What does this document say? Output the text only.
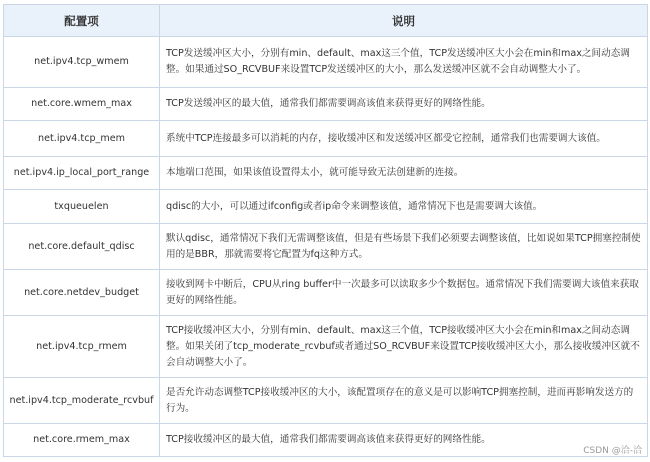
配置项	说明
net.ipv4.tcp_wmem	TCP发送缓冲区大小，分别有min、default、max这三个值，TCP发送缓冲区大小会在min和max之间动态调整。如果通过SO_RCVBUF来设置TCP发送缓冲区的大小，那么发送缓冲区就不会自动调整大小了。
net.core.wmem_max	TCP发送缓冲区的最大值，通常我们都需要调高该值来获得更好的网络性能。
net.ipv4.tcp_mem	系统中TCP连接最多可以消耗的内存，接收缓冲区和发送缓冲区都受它控制，通常我们也需要调大该值。
net.ipv4.ip_local_port_range	本地端口范围，如果该值设置得太小，就可能导致无法创建新的连接。
txqueuelen	qdisc的大小，可以通过ifconfig或者ip命令来调整该值，通常情况下也是需要调大该值。
net.core.default_qdisc	默认qdisc，通常情况下我们无需调整该值，但是有些场景下我们必须要去调整该值，比如说如果TCP拥塞控制使用的是BBR，那就需要将它配置为fq这种方式。
net.core.netdev_budget	接收到网卡中断后，CPU从ring buffer中一次最多可以读取多少个数据包。通常情况下我们需要调大该值来获取更好的网络性能。
net.ipv4.tcp_rmem	TCP接收缓冲区大小，分别有min、default、max这三个值，TCP接收缓冲区大小会在min和max之间动态调整。如果关闭了tcp_moderate_rcvbuf或者通过SO_RCVBUF来设置TCP接收缓冲区大小，那么接收缓冲区就不会自动调整大小了。
net.ipv4.tcp_moderate_rcvbuf	是否允许动态调整TCP接收缓冲区的大小，该配置项存在的意义是可以影响TCP拥塞控制，进而再影响发送方的行为。
net.core.rmem_max	TCP接收缓冲区的最大值，通常我们都需要调高该值来获得更好的网络性能。
CSDN @洽-洽
